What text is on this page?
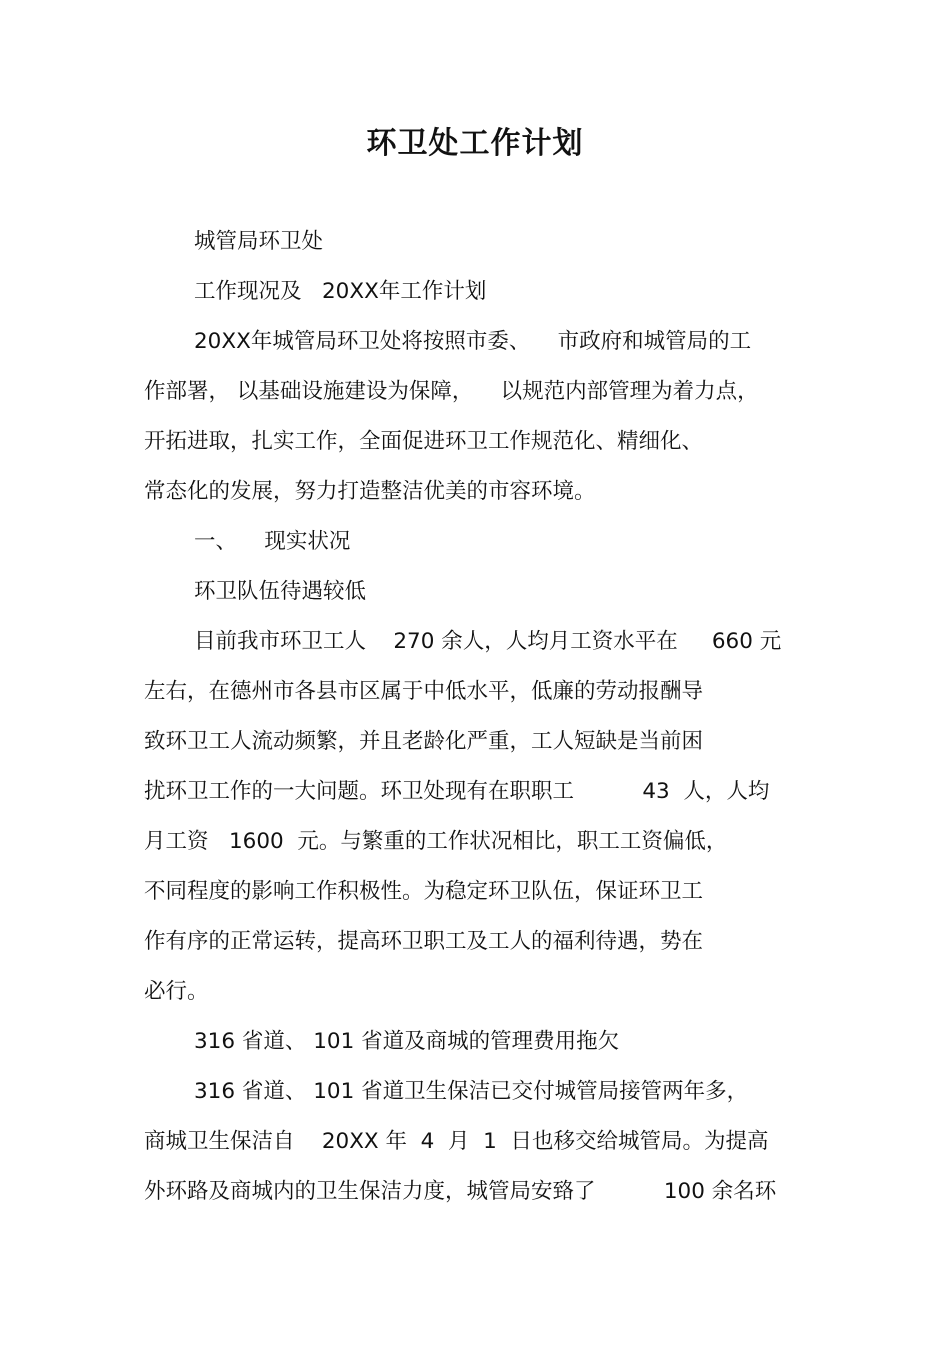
环卫处工作计划
城管局环卫处
工作现况及   20XX年工作计划
20XX年城管局环卫处将按照市委、    市政府和城管局的工
作部署， 以基础设施建设为保障，    以规范内部管理为着力点，
开拓进取，扎实工作，全面促进环卫工作规范化、精细化、
常态化的发展，努力打造整洁优美的市容环境。
一、    现实状况
环卫队伍待遇较低
目前我市环卫工人    270 余人，人均月工资水平在     660 元
左右，在德州市各县市区属于中低水平，低廉的劳动报酬导
致环卫工人流动频繁，并且老龄化严重，工人短缺是当前困
扰环卫工作的一大问题。环卫处现有在职职工          43  人，人均
月工资   1600  元。与繁重的工作状况相比，职工工资偏低，
不同程度的影响工作积极性。为稳定环卫队伍，保证环卫工
作有序的正常运转，提高环卫职工及工人的福利待遇，势在
必行。
316 省道、 101 省道及商城的管理费用拖欠
316 省道、 101 省道卫生保洁已交付城管局接管两年多，
商城卫生保洁自    20XX 年  4  月  1  日也移交给城管局。为提高
外环路及商城内的卫生保洁力度，城管局安臵了          100 余名环
